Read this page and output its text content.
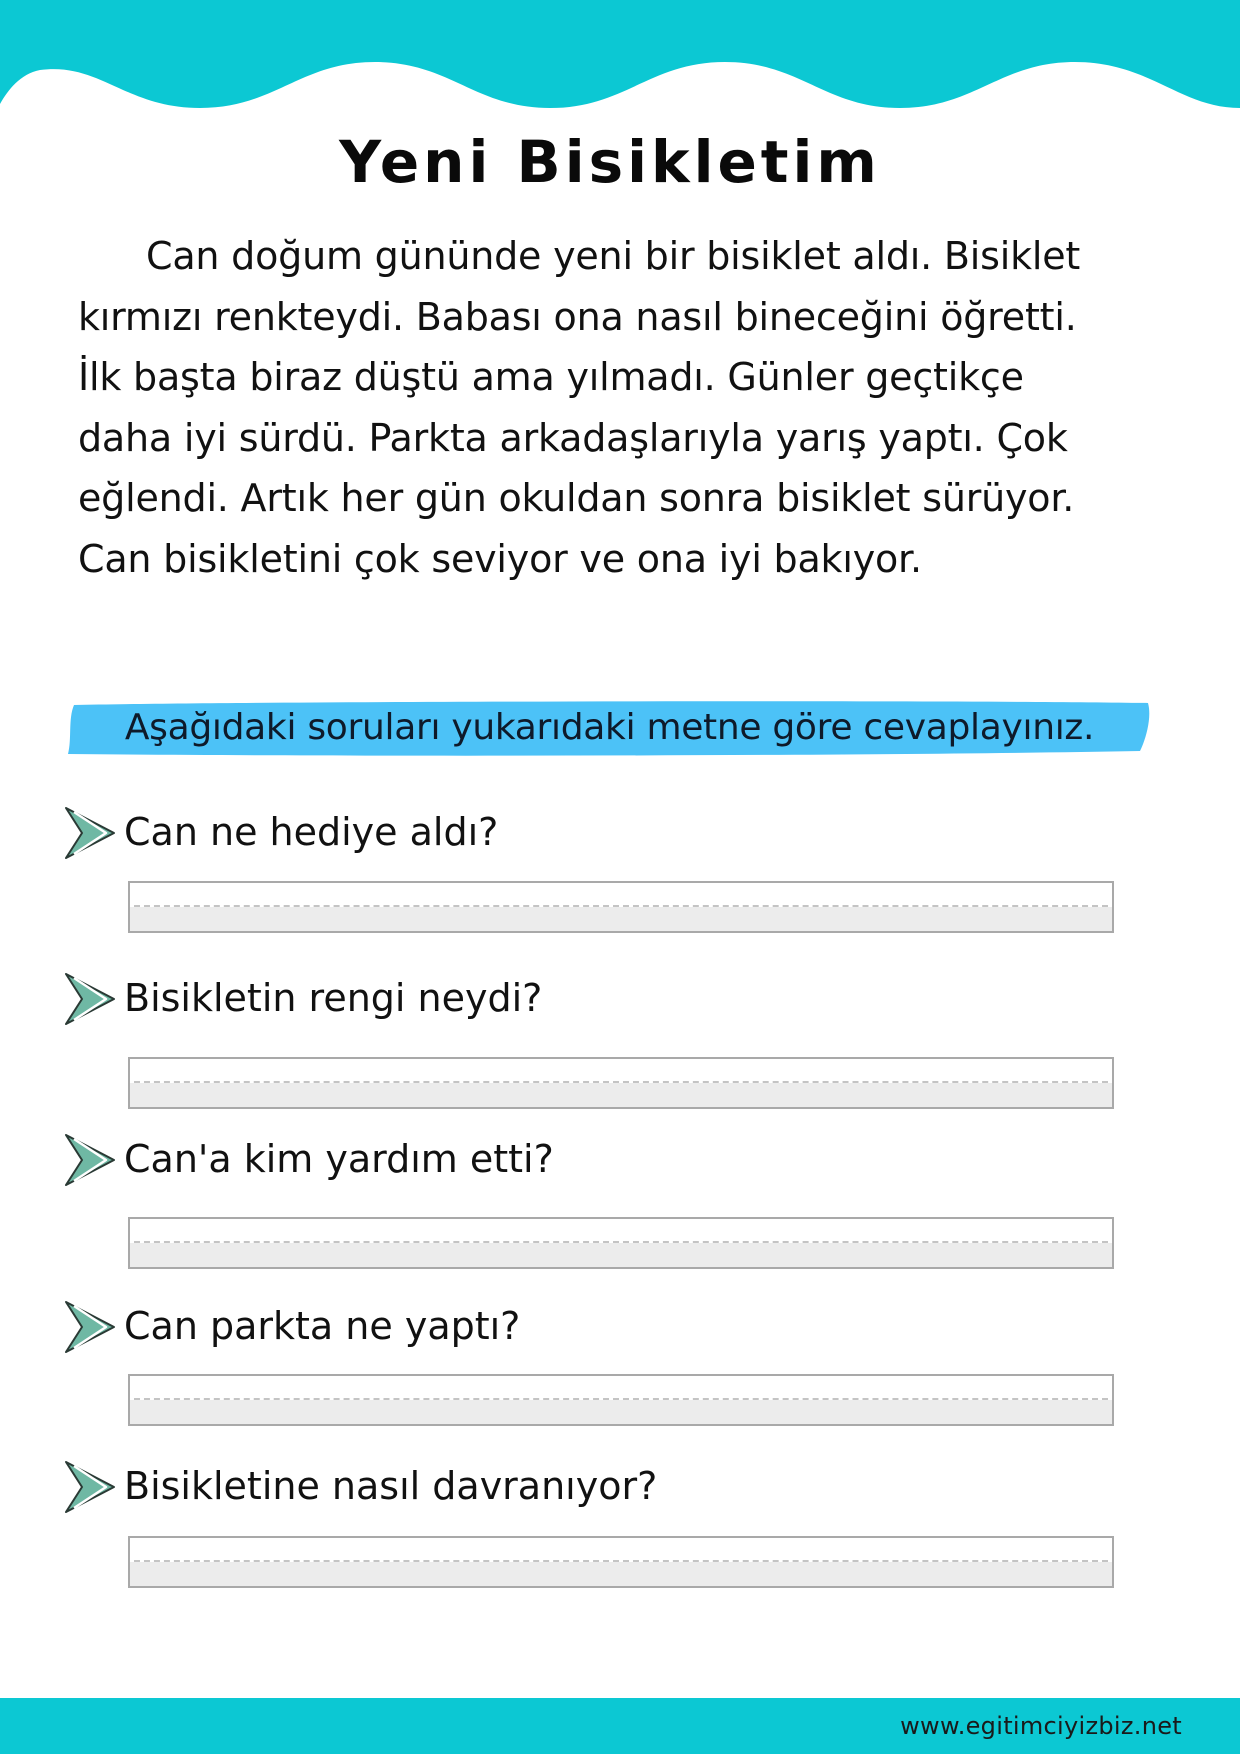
Yeni Bisikletim
Can doğum gününde yeni bir bisiklet aldı. Bisiklet
kırmızı renkteydi. Babası ona nasıl bineceğini öğretti.
İlk başta biraz düştü ama yılmadı. Günler geçtikçe
daha iyi sürdü. Parkta arkadaşlarıyla yarış yaptı. Çok
eğlendi. Artık her gün okuldan sonra bisiklet sürüyor.
Can bisikletini çok seviyor ve ona iyi bakıyor.
Aşağıdaki soruları yukarıdaki metne göre cevaplayınız.
Can ne hediye aldı?
Bisikletin rengi neydi?
Can'a kim yardım etti?
Can parkta ne yaptı?
Bisikletine nasıl davranıyor?
www.egitimciyizbiz.net
